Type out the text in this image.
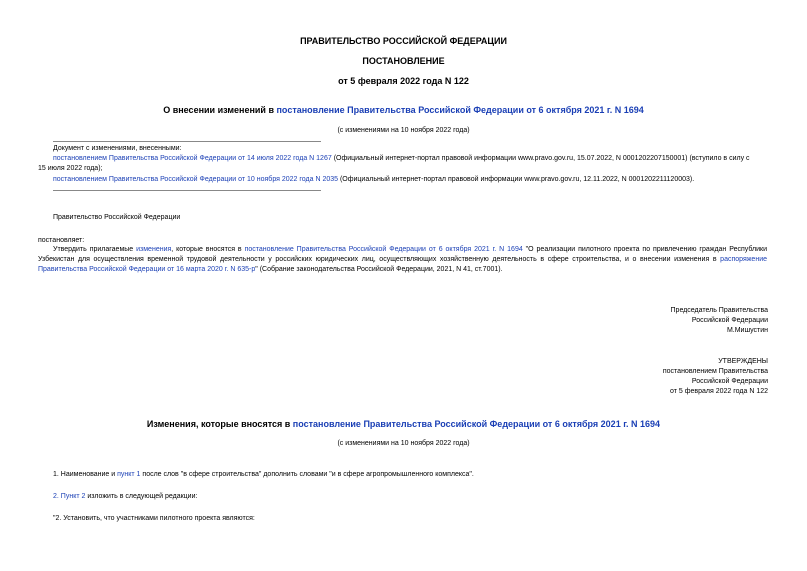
ПРАВИТЕЛЬСТВО РОССИЙСКОЙ ФЕДЕРАЦИИ
ПОСТАНОВЛЕНИЕ
от 5 февраля 2022 года N 122
О внесении изменений в постановление Правительства Российской Федерации от 6 октября 2021 г. N 1694
(с изменениями на 10 ноября 2022 года)
Документ с изменениями, внесенными:
постановлением Правительства Российской Федерации от 14 июля 2022 года N 1267 (Официальный интернет-портал правовой информации www.pravo.gov.ru, 15.07.2022, N 0001202207150001) (вступило в силу с
15 июля 2022 года);
постановлением Правительства Российской Федерации от 10 ноября 2022 года N 2035 (Официальный интернет-портал правовой информации www.pravo.gov.ru, 12.11.2022, N 0001202211120003).
Правительство Российской Федерации
постановляет:
Утвердить прилагаемые изменения, которые вносятся в постановление Правительства Российской Федерации от 6 октября 2021 г. N 1694 "О реализации пилотного проекта по привлечению граждан Республики Узбекистан для осуществления временной трудовой деятельности у российских юридических лиц, осуществляющих хозяйственную деятельность в сфере строительства, и о внесении изменения в распоряжение Правительства Российской Федерации от 16 марта 2020 г. N 635-р" (Собрание законодательства Российской Федерации, 2021, N 41, ст.7001).
Председатель Правительства
Российской Федерации
М.Мишустин
УТВЕРЖДЕНЫ
постановлением Правительства
Российской Федерации
от 5 февраля 2022 года N 122
Изменения, которые вносятся в постановление Правительства Российской Федерации от 6 октября 2021 г. N 1694
(с изменениями на 10 ноября 2022 года)
1. Наименование и пункт 1 после слов "в сфере строительства" дополнить словами "и в сфере агропромышленного комплекса".
2. Пункт 2 изложить в следующей редакции:
"2. Установить, что участниками пилотного проекта являются:
